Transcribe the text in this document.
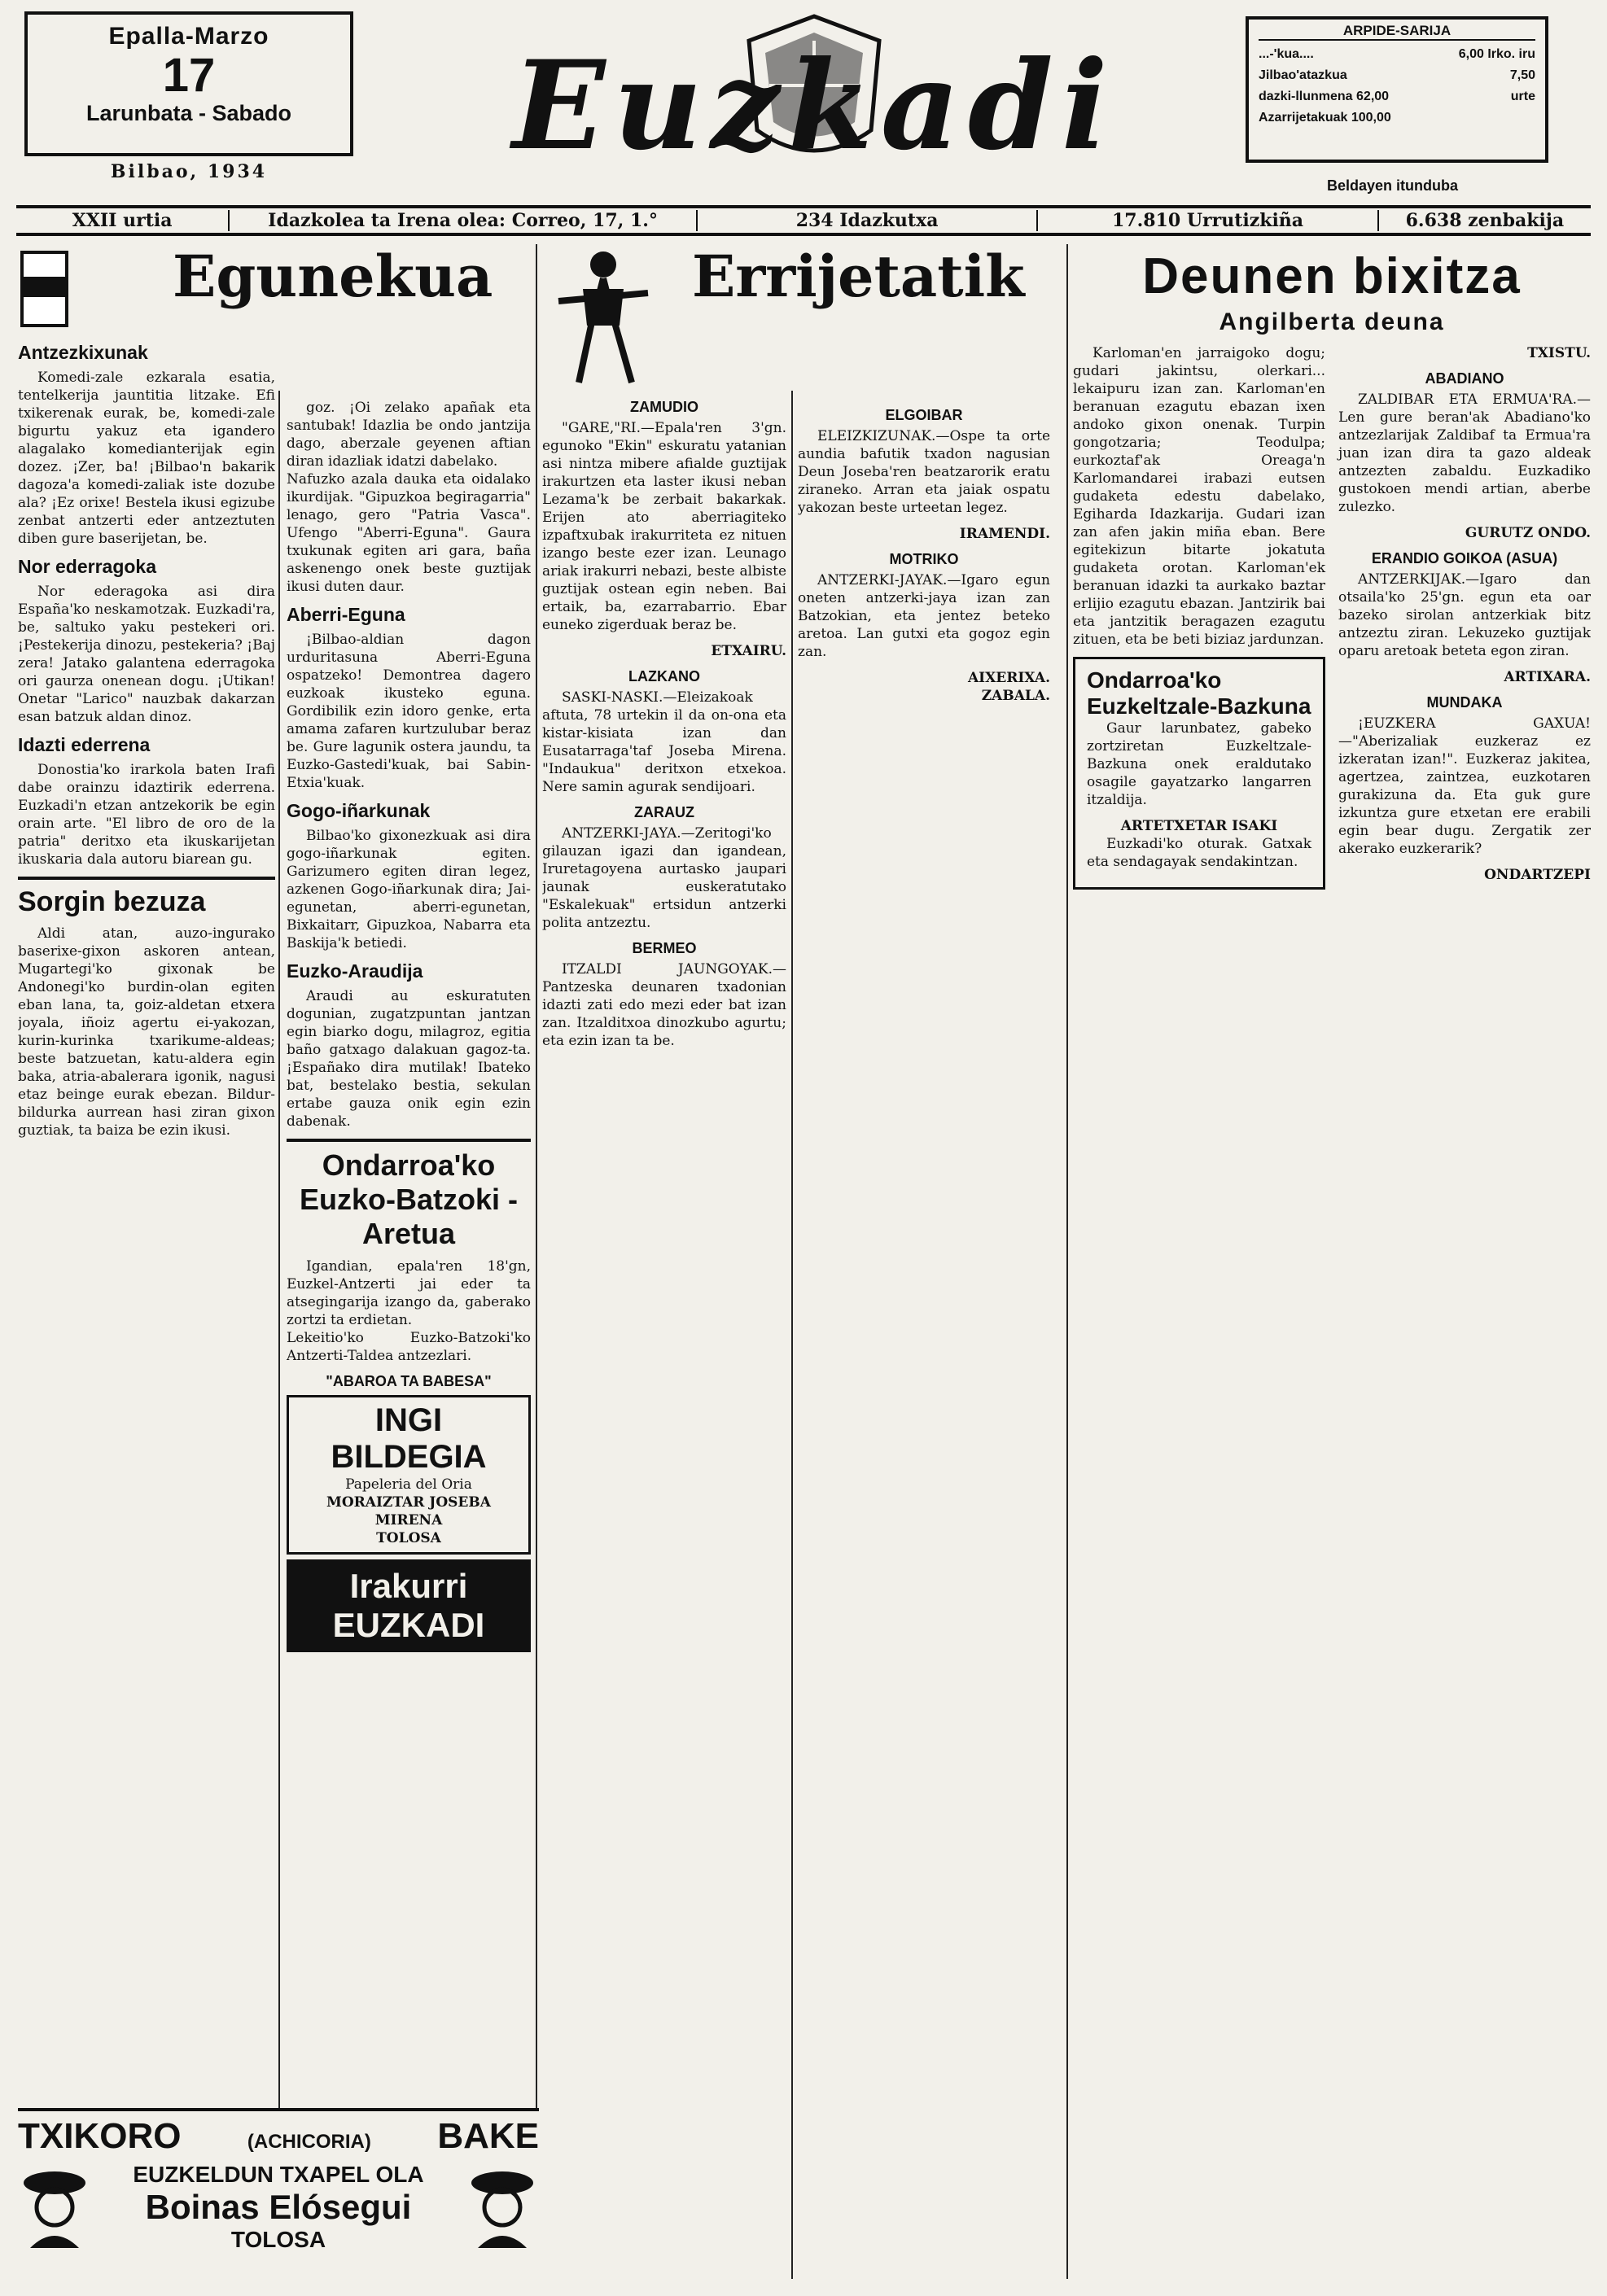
Epalla-Marzo
17
Larunbata - Sabado
Bilbao, 1934	Euzkadi
ARPIDE-SARIJA
...-'kua....	6,00 Irko. iru
Jilbao'atazkua	7,50
dazki-llunmena 62,00	urte
Azarrijetakuak 100,00
Beldayen itunduba
XXII urtia	Idazkolea ta Irena olea: Correo, 17, 1.°	234 Idazkutxa	17.810 Urrutizkiña	6.638 zenbakija
Antzezkixunak

Komedi-zale ezkarala esatia, tentelkerija jauntitia litzake. Efi txikerenak eurak, be, komedi-zale bigurtu yakuz eta igandero alagalako komedianterijak egin dozez. ¡Zer, ba! ¡Bilbao'n bakarik dagoza'a komedi-zaliak iste dozube ala? ¡Ez orixe! Bestela ikusi egizube zenbat antzerti eder antzeztuten diben gure baserijetan, be.

Nor ederragoka

Nor ederagoka asi dira España'ko neskamotzak. Euzkadi'ra, be, saltuko yaku pestekeri ori. ¡Pestekerija dinozu, pestekeria? ¡Baj zera! Jatako galantena ederragoka ori gaurza onenean dogu. ¡Utikan! Onetar "Larico" nauzbak dakarzan esan batzuk aldan dinoz.

Idazti ederrena

Donostia'ko irarkola baten Irafi dabe orainzu idaztirik ederrena. Euzkadi'n etzan antzekorik be egin orain arte. "El libro de oro de la patria" deritxo eta ikuskarijetan ikuskaria dala autoru biarean gu.

Sorgin bezuza

Aldi atan, auzo-ingurako baserixe-gixon askoren antean, Mugartegi'ko gixonak be Andonegi'ko burdin-olan egiten eban lana, ta, goiz-aldetan etxera joyala, iñoiz agertu ei-yakozan, kurin-kurinka txarikume-aldeas; beste batzuetan, katu-aldera egin baka, atria-abalerara igonik, nagusi etaz beinge eurak ebezan. Bildur-bildurka aurrean hasi ziran gixon guztiak, ta baiza be ezin ikusi.

Egunekua

goz. ¡Oi zelako apañak eta santubak! Idazlia be ondo jantzija dago, aberzale geyenen aftian diran idazliak idatzi dabelako.
Nafuzko azala dauka eta oidalako ikurdijak. "Gipuzkoa begiragarria" lenago, gero "Patria Vasca". Ufengo "Aberri-Eguna". Gaura txukunak egiten ari gara, baña askenengo onek beste guztijak ikusi duten daur.

Aberri-Eguna

¡Bilbao-aldian dagon urduritasuna Aberri-Eguna ospatzeko! Demontrea dagero euzkoak ikusteko eguna. Gordibilik ezin idoro genke, erta amama zafaren kurtzulubar beraz be. Gure lagunik ostera jaundu, ta Euzko-Gastedi'kuak, bai Sabin-Etxia'kuak.

Gogo-iñarkunak

Bilbao'ko gixonezkuak asi dira gogo-iñarkunak egiten. Garizumero egiten diran legez, azkenen Gogo-iñarkunak dira; Jai-egunetan, aberri-egunetan, Bixkaitarr, Gipuzkoa, Nabarra eta Baskija'k betiedi.

Euzko-Araudija

Araudi au eskuratuten dogunian, zugatzpuntan jantzan egin biarko dogu, milagroz, egitia baño gatxago dalakuan gagoz-ta. ¡Españako dira mutilak! Ibateko bat, bestelako bestia, sekulan ertabe gauza onik egin ezin dabenak.

Ondarroa'ko Euzko-Batzoki - Aretua

Igandian, epala'ren 18'gn, Euzkel-Antzerti jai eder ta atsegingarija izango da, gaberako zortzi ta erdietan.
Lekeitio'ko Euzko-Batzoki'ko Antzerti-Taldea antzezlari.

"ABAROA TA BABESA"
INGI BILDEGIA
Papeleria del Oria
MORAIZTAR JOSEBA MIRENA
TOLOSA
Irakurri EUZKADI
ZAMUDIO

"GARE,"RI.—Epala'ren 3'gn. egunoko "Ekin" eskuratu yatanian asi nintza mibere afialde guztijak irakurtzen eta laster ikusi neban Lezama'k be zerbait bakarkak. Erijen ato aberriagiteko izpaftxubak irakurriteta ez nituen izango beste ezer izan. Leunago ariak irakurri nebazi, beste albiste guztijak ostean egin neben. Bai ertaik, ba, ezarrabarrio. Ebar euneko zigerduak beraz be.

ETXAIRU.
LAZKANO

SASKI-NASKI.—Eleizakoak aftuta, 78 urtekin il da on-ona eta kistar-kisiata izan dan Eusatarraga'taf Joseba Mirena. "Indaukua" deritxon etxekoa. Nere samin agurak sendijoari.

ZARAUZ

ANTZERKI-JAYA.—Zeritogi'ko gilauzan igazi dan igandean, Iruretagoyena aurtasko jaupari jaunak euskeratutako "Eskalekuak" ertsidun antzerki polita antzeztu.

BERMEO

ITZALDI JAUNGOYAK.—Pantzeska deunaren txadonian idazti zati edo mezi eder bat izan zan. Itzalditxoa dinozkubo agurtu; eta ezin izan ta be.

Errijetatik
ELGOIBAR

ELEIZKIZUNAK.—Ospe ta orte aundia bafutik txadon nagusian Deun Joseba'ren beatzarorik eratu ziraneko. Arran eta jaiak ospatu yakozan beste urteetan legez.

IRAMENDI.
MOTRIKO

ANTZERKI-JAYAK.—Igaro egun oneten antzerki-jaya izan zan Batzokian, eta jentez beteko aretoa. Lan gutxi eta gogoz egin zan.

AIXERIXA.
ZABALA.
Deunen bixitza
Angilberta deuna

Karloman'en jarraigoko dogu; gudari jakintsu, olerkari... lekaipuru izan zan. Karloman'en beranuan ezagutu ebazan ixen andoko gixon onenak. Turpin gongotzaria; Teodulpa; eurkoztaf'ak Oreaga'n Karlomandarei irabazi eutsen gudaketa edestu dabelako, Egiharda Idazkarija. Gudari izan zan afen jakin miña eban. Bere egitekizun bitarte jokatuta gudaketa orotan. Karloman'ek beranuan idazki ta aurkako baztar erlijio ezagutu ebazan. Jantzirik bai eta jantzitik beragazen ezagutu zituen, eta be beti biziaz jardunzan.

Ondarroa'ko Euzkeltzale-Bazkuna

Gaur larunbatez, gabeko zortziretan Euzkeltzale-Bazkuna onek eraldutako osagile gayatzarko langarren itzaldija.

ARTETXETAR ISAKI

Euzkadi'ko oturak. Gatxak eta sendagayak sendakintzan.

TXISTU.
ABADIANO

ZALDIBAR ETA ERMUA'RA.—Len gure beran'ak Abadiano'ko antzezlarijak Zaldibaf ta Ermua'ra juan izan dira ta gazo aldeak antzezten zabaldu. Euzkadiko gustokoen mendi artian, aberbe zulezko.

GURUTZ ONDO.
ERANDIO GOIKOA (ASUA)

ANTZERKIJAK.—Igaro dan otsaila'ko 25'gn. egun eta oar bazeko sirolan antzerkiak bitz antzeztu ziran. Lekuzeko guztijak oparu aretoak beteta egon ziran.

ARTIXARA.
MUNDAKA

¡EUZKERA GAXUA!—"Aberizaliak euzkeraz ez izkeratan izan!". Euzkeraz jakitea, agertzea, zaintzea, euzkotaren gurakizuna da. Eta guk gure izkuntza gure etxetan ere erabili egin bear dugu. Zergatik zer akerako euzkerarik?

ONDARTZEPI
TXIKORO	(ACHICORIA) BAKE
EUZKELDUN TXAPEL OLA
Boinas Elósegui
TOLOSA
